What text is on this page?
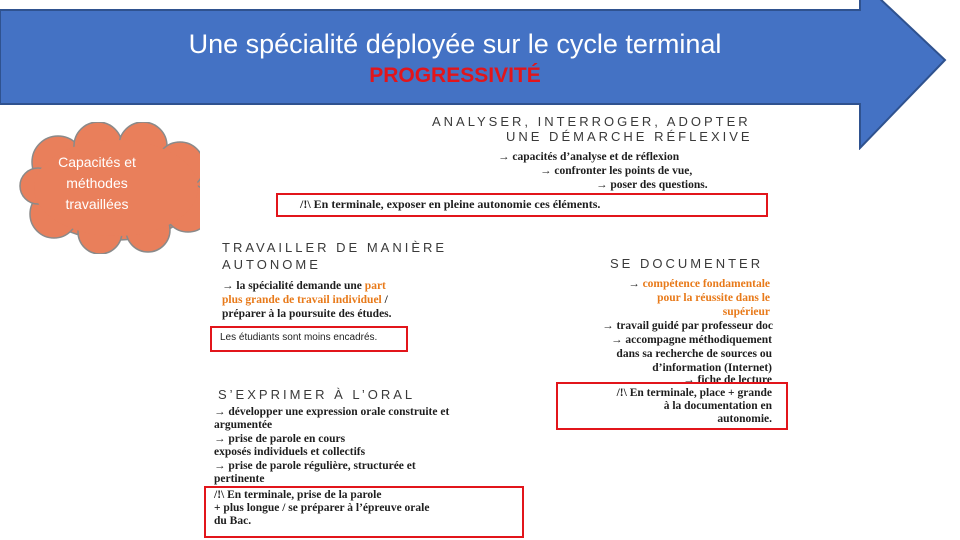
Une spécialité déployée sur le cycle terminal
PROGRESSIVITÉ
Capacités et
méthodes
travaillées
ANALYSER, INTERROGER, ADOPTER
UNE DÉMARCHE RÉFLEXIVE
→ capacités d’analyse et de réflexion
→ confronter les points de vue,
→ poser des questions.
/!\ En terminale, exposer en pleine autonomie ces éléments.
TRAVAILLER DE MANIÈRE
AUTONOME
→ la spécialité demande une part
plus grande de travail individuel /
préparer à la poursuite des études.
Les étudiants sont moins encadrés.
SE DOCUMENTER
→ compétence fondamentale
pour la réussite dans le
supérieur
→ travail guidé par professeur doc
→ accompagne méthodiquement
dans sa recherche de sources ou
d’information (Internet)
→ fiche de lecture
/!\ En terminale, place + grande
à la documentation en
autonomie.
S’EXPRIMER À L’ORAL
→ développer une expression orale construite et
argumentée
→ prise de parole en cours
exposés individuels et collectifs
→ prise de parole régulière, structurée et
pertinente
/!\ En terminale, prise de la parole
+ plus longue / se préparer à l’épreuve orale
du Bac.
